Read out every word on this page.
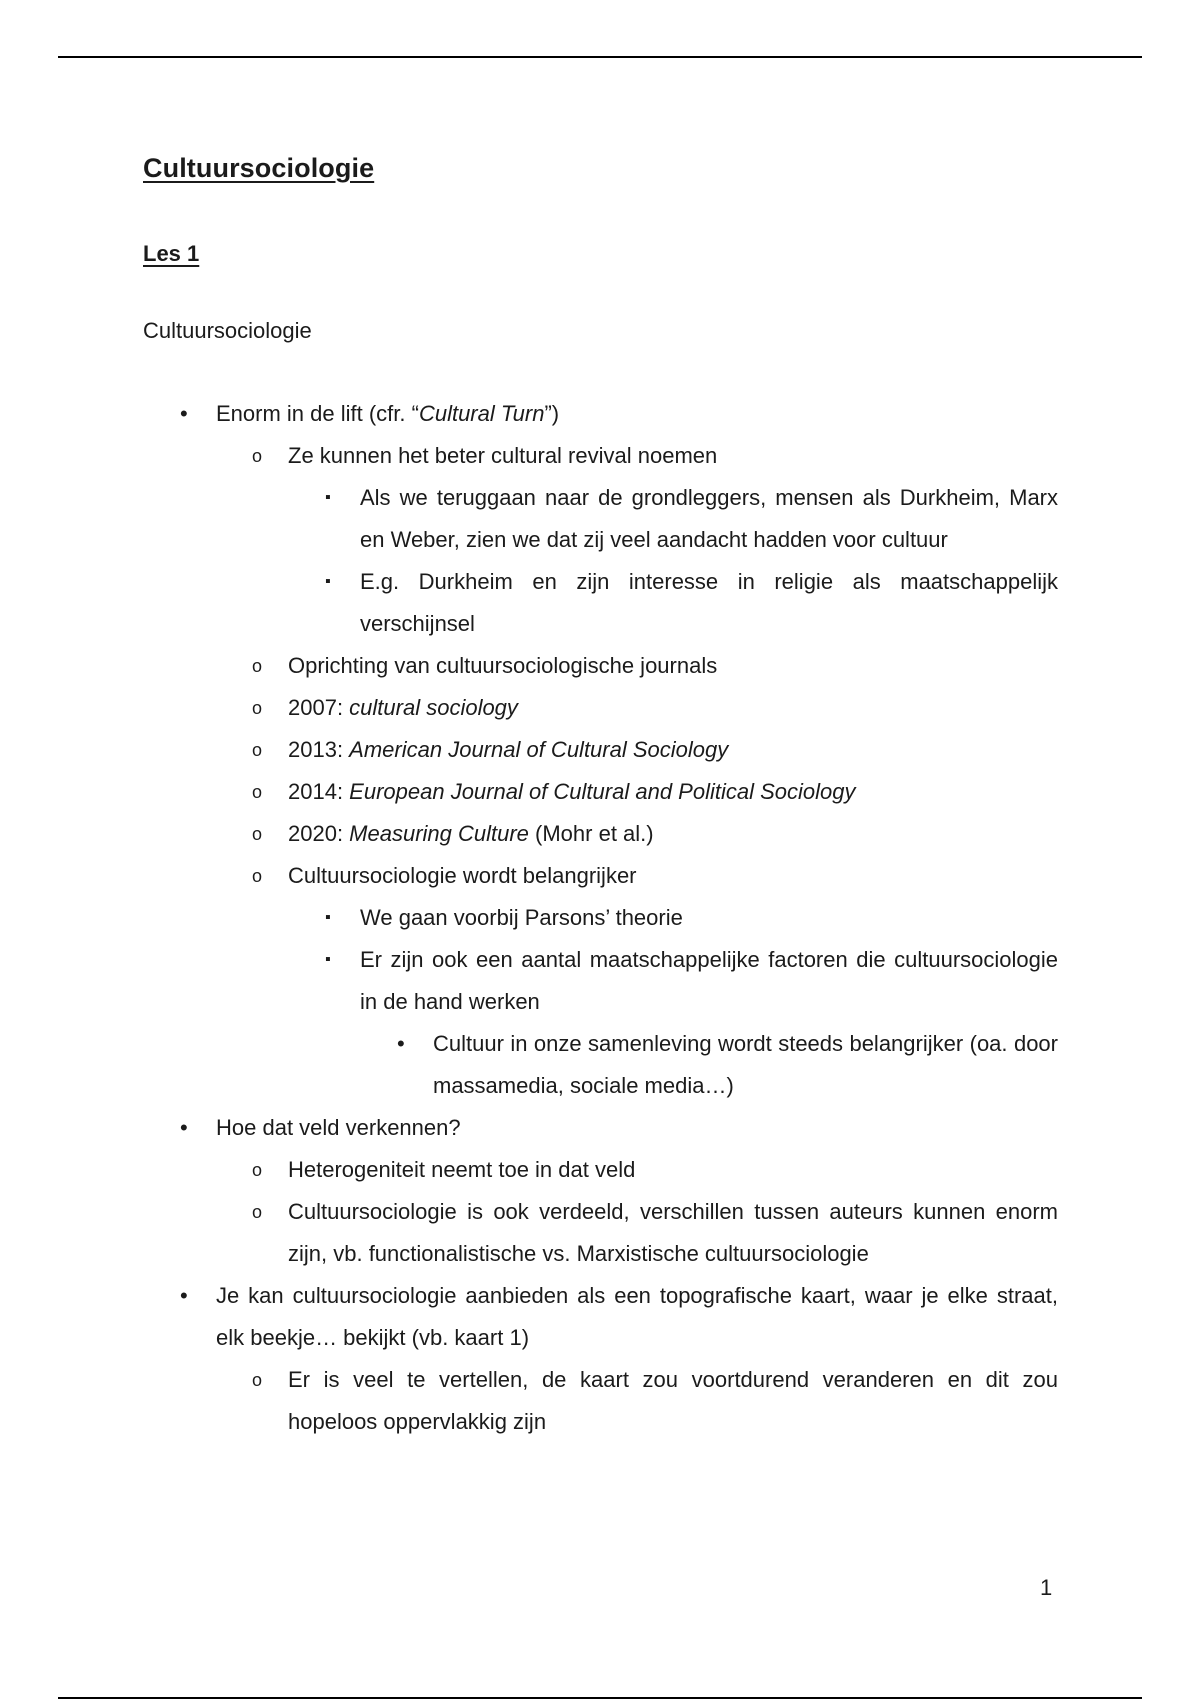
Cultuursociologie
Les 1
Cultuursociologie
•
Enorm in de lift (cfr. “Cultural Turn”)
o
Ze kunnen het beter cultural revival noemen
▪
Als we teruggaan naar de grondleggers, mensen als Durkheim, Marx en Weber, zien we dat zij veel aandacht hadden voor cultuur
▪
E.g. Durkheim en zijn interesse in religie als maatschappelijk verschijnsel
o
Oprichting van cultuursociologische journals
o
2007: cultural sociology
o
2013: American Journal of Cultural Sociology
o
2014: European Journal of Cultural and Political Sociology
o
2020: Measuring Culture (Mohr et al.)
o
Cultuursociologie wordt belangrijker
▪
We gaan voorbij Parsons’ theorie
▪
Er zijn ook een aantal maatschappelijke factoren die cultuursociologie in de hand werken
•
Cultuur in onze samenleving wordt steeds belangrijker (oa. door massamedia, sociale media…)
•
Hoe dat veld verkennen?
o
Heterogeniteit neemt toe in dat veld
o
Cultuursociologie is ook verdeeld, verschillen tussen auteurs kunnen enorm zijn, vb. functionalistische vs. Marxistische cultuursociologie
•
Je kan cultuursociologie aanbieden als een topografische kaart, waar je elke straat, elk beekje… bekijkt (vb. kaart 1)
o
Er is veel te vertellen, de kaart zou voortdurend veranderen en dit zou hopeloos oppervlakkig zijn
1
